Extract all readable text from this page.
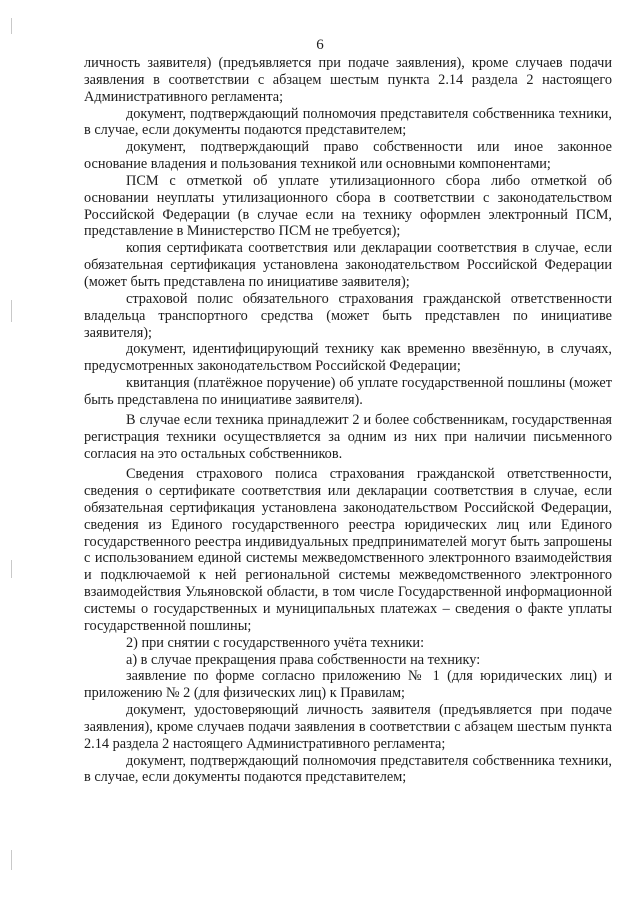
6

личность заявителя) (предъявляется при подаче заявления), кроме случаев подачи заявления в соответствии с абзацем шестым пункта 2.14 раздела 2 настоящего Административного регламента;

документ, подтверждающий полномочия представителя собственника техники, в случае, если документы подаются представителем;

документ, подтверждающий право собственности или иное законное основание владения и пользования техникой или основными компонентами;

ПСМ с отметкой об уплате утилизационного сбора либо отметкой об основании неуплаты утилизационного сбора в соответствии с законодательством Российской Федерации (в случае если на технику оформлен электронный ПСМ, представление в Министерство ПСМ не требуется);

копия сертификата соответствия или декларации соответствия в случае, если обязательная сертификация установлена законодательством Российской Федерации (может быть представлена по инициативе заявителя);

страховой полис обязательного страхования гражданской ответственности владельца транспортного средства (может быть представлен по инициативе заявителя);

документ, идентифицирующий технику как временно ввезённую, в случаях, предусмотренных законодательством Российской Федерации;

квитанция (платёжное поручение) об уплате государственной пошлины (может быть представлена по инициативе заявителя).

В случае если техника принадлежит 2 и более собственникам, государственная регистрация техники осуществляется за одним из них при наличии письменного согласия на это остальных собственников.

Сведения страхового полиса страхования гражданской ответственности, сведения о сертификате соответствия или декларации соответствия в случае, если обязательная сертификация установлена законодательством Российской Федерации, сведения из Единого государственного реестра юридических лиц или Единого государственного реестра индивидуальных предпринимателей могут быть запрошены с использованием единой системы межведомственного электронного взаимодействия и подключаемой к ней региональной системы межведомственного электронного взаимодействия Ульяновской области, в том числе Государственной информационной системы о государственных и муниципальных платежах – сведения о факте уплаты государственной пошлины;

2) при снятии с государственного учёта техники:

а) в случае прекращения права собственности на технику:

заявление по форме согласно приложению № 1 (для юридических лиц) и приложению № 2 (для физических лиц) к Правилам;

документ, удостоверяющий личность заявителя (предъявляется при подаче заявления), кроме случаев подачи заявления в соответствии с абзацем шестым пункта 2.14 раздела 2 настоящего Административного регламента;

документ, подтверждающий полномочия представителя собственника техники, в случае, если документы подаются представителем;
